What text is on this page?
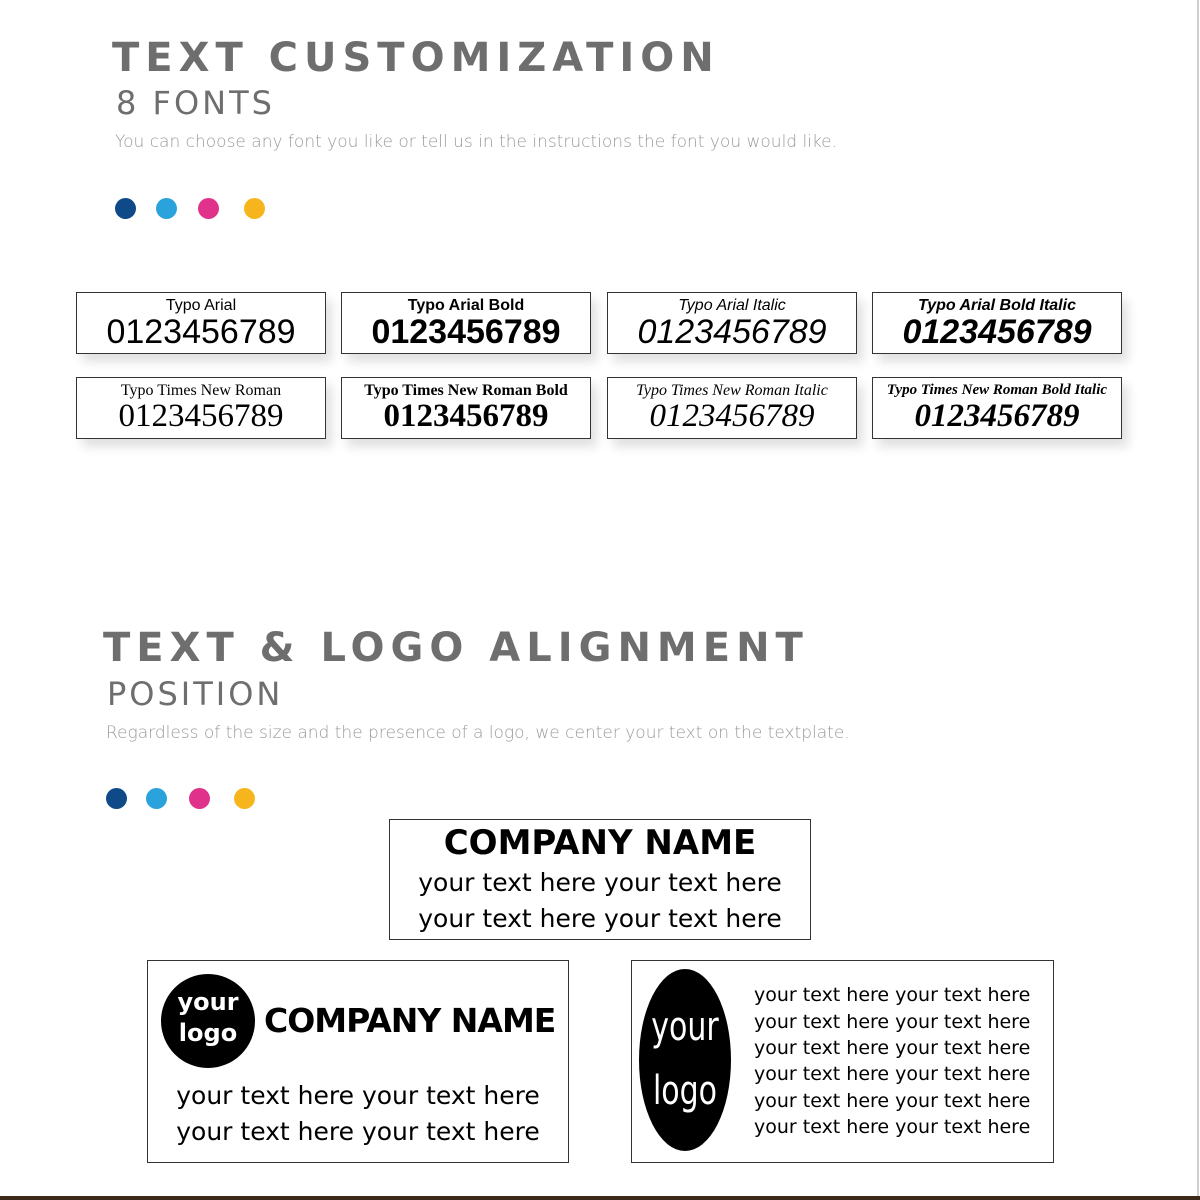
TEXT CUSTOMIZATION
8 FONTS
You can choose any font you like or tell us in the instructions the font you would like.
Typo Arial
0123456789
Typo Arial Bold
0123456789
Typo Arial Italic
0123456789
Typo Arial Bold Italic
0123456789
Typo Times New Roman
0123456789
Typo Times New Roman Bold
0123456789
Typo Times New Roman Italic
0123456789
Typo Times New Roman Bold Italic
0123456789
TEXT & LOGO ALIGNMENT
POSITION
Regardless of the size and the presence of a logo, we center your text on the textplate.
COMPANY NAME
your text here your text here
your text here your text here
your
logo COMPANY NAME
your text here your text here
your text here your text here
your
logo
your text here your text here
your text here your text here
your text here your text here
your text here your text here
your text here your text here
your text here your text here
